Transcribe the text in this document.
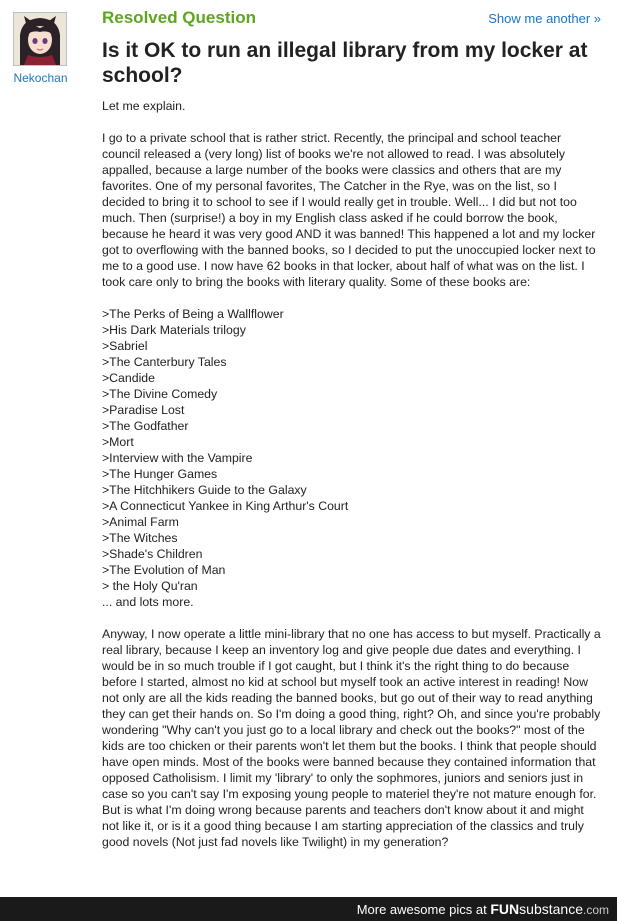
Nekochan
Resolved Question	Show me another »
Is it OK to run an illegal library from my locker at school?

Let me explain.

I go to a private school that is rather strict. Recently, the principal and school teacher council released a (very long) list of books we're not allowed to read. I was absolutely appalled, because a large number of the books were classics and others that are my favorites. One of my personal favorites, The Catcher in the Rye, was on the list, so I decided to bring it to school to see if I would really get in trouble. Well... I did but not too much. Then (surprise!) a boy in my English class asked if he could borrow the book, because he heard it was very good AND it was banned! This happened a lot and my locker got to overflowing with the banned books, so I decided to put the unoccupied locker next to me to a good use. I now have 62 books in that locker, about half of what was on the list. I took care only to bring the books with literary quality. Some of these books are:

>The Perks of Being a Wallflower
>His Dark Materials trilogy
>Sabriel
>The Canterbury Tales
>Candide
>The Divine Comedy
>Paradise Lost
>The Godfather
>Mort
>Interview with the Vampire
>The Hunger Games
>The Hitchhikers Guide to the Galaxy
>A Connecticut Yankee in King Arthur's Court
>Animal Farm
>The Witches
>Shade's Children
>The Evolution of Man
> the Holy Qu'ran
... and lots more.

Anyway, I now operate a little mini-library that no one has access to but myself. Practically a real library, because I keep an inventory log and give people due dates and everything. I would be in so much trouble if I got caught, but I think it's the right thing to do because before I started, almost no kid at school but myself took an active interest in reading! Now not only are all the kids reading the banned books, but go out of their way to read anything they can get their hands on. So I'm doing a good thing, right? Oh, and since you're probably wondering "Why can't you just go to a local library and check out the books?" most of the kids are too chicken or their parents won't let them but the books. I think that people should have open minds. Most of the books were banned because they contained information that opposed Catholisism. I limit my 'library' to only the sophmores, juniors and seniors just in case so you can't say I'm exposing young people to materiel they're not mature enough for. But is what I'm doing wrong because parents and teachers don't know about it and might not like it, or is it a good thing because I am starting appreciation of the classics and truly good novels (Not just fad novels like Twilight) in my generation?

More awesome pics at FUNsubstance.com
